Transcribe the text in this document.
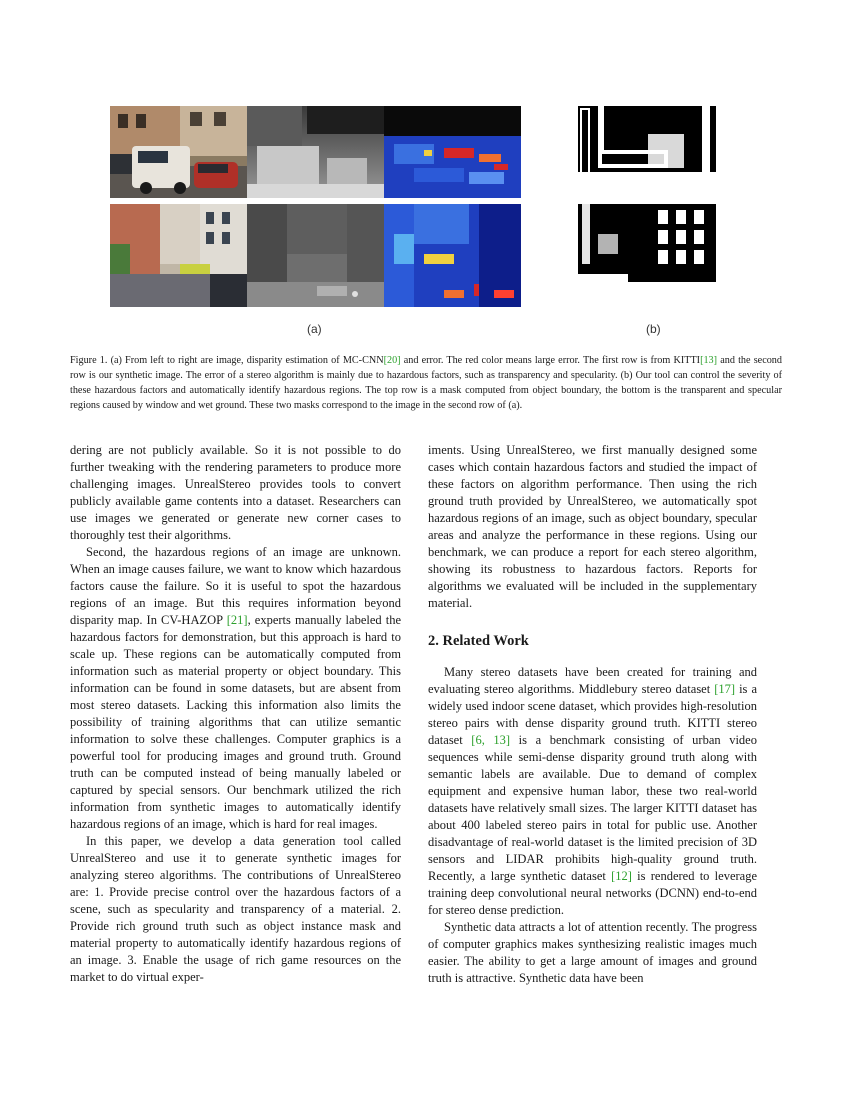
(a)	(b)
Figure 1. (a) From left to right are image, disparity estimation of MC-CNN[20] and error. The red color means large error. The first row is from KITTI[13] and the second row is our synthetic image. The error of a stereo algorithm is mainly due to hazardous factors, such as transparency and specularity. (b) Our tool can control the severity of these hazardous factors and automatically identify hazardous regions. The top row is a mask computed from object boundary, the bottom is the transparent and specular regions caused by window and wet ground. These two masks correspond to the image in the second row of (a).

dering are not publicly available. So it is not possible to do further tweaking with the rendering parameters to produce more challenging images. UnrealStereo provides tools to convert publicly available game contents into a dataset. Researchers can use images we generated or generate new corner cases to thoroughly test their algorithms.

Second, the hazardous regions of an image are unknown. When an image causes failure, we want to know which hazardous factors cause the failure. So it is useful to spot the hazardous regions of an image. But this requires information beyond disparity map. In CV-HAZOP [21], experts manually labeled the hazardous factors for demonstration, but this approach is hard to scale up. These regions can be automatically computed from information such as material property or object boundary. This information can be found in some datasets, but are absent from most stereo datasets. Lacking this information also limits the possibility of training algorithms that can utilize semantic information to solve these challenges. Computer graphics is a powerful tool for producing images and ground truth. Ground truth can be computed instead of being manually labeled or captured by special sensors. Our benchmark utilized the rich information from synthetic images to automatically identify hazardous regions of an image, which is hard for real images.

In this paper, we develop a data generation tool called UnrealStereo and use it to generate synthetic images for analyzing stereo algorithms. The contributions of UnrealStereo are: 1. Provide precise control over the hazardous factors of a scene, such as specularity and transparency of a material. 2. Provide rich ground truth such as object instance mask and material property to automatically identify hazardous regions of an image. 3. Enable the usage of rich game resources on the market to do virtual exper-

iments. Using UnrealStereo, we first manually designed some cases which contain hazardous factors and studied the impact of these factors on algorithm performance. Then using the rich ground truth provided by UnrealStereo, we automatically spot hazardous regions of an image, such as object boundary, specular areas and analyze the performance in these regions. Using our benchmark, we can produce a report for each stereo algorithm, showing its robustness to hazardous factors. Reports for algorithms we evaluated will be included in the supplementary material.

2. Related Work

Many stereo datasets have been created for training and evaluating stereo algorithms. Middlebury stereo dataset [17] is a widely used indoor scene dataset, which provides high-resolution stereo pairs with dense disparity ground truth. KITTI stereo dataset [6, 13] is a benchmark consisting of urban video sequences while semi-dense disparity ground truth along with semantic labels are available. Due to demand of complex equipment and expensive human labor, these two real-world datasets have relatively small sizes. The larger KITTI dataset has about 400 labeled stereo pairs in total for public use. Another disadvantage of real-world dataset is the limited precision of 3D sensors and LIDAR prohibits high-quality ground truth. Recently, a large synthetic dataset [12] is rendered to leverage training deep convolutional neural networks (DCNN) end-to-end for stereo dense prediction.

Synthetic data attracts a lot of attention recently. The progress of computer graphics makes synthesizing realistic images much easier. The ability to get a large amount of images and ground truth is attractive. Synthetic data have been
